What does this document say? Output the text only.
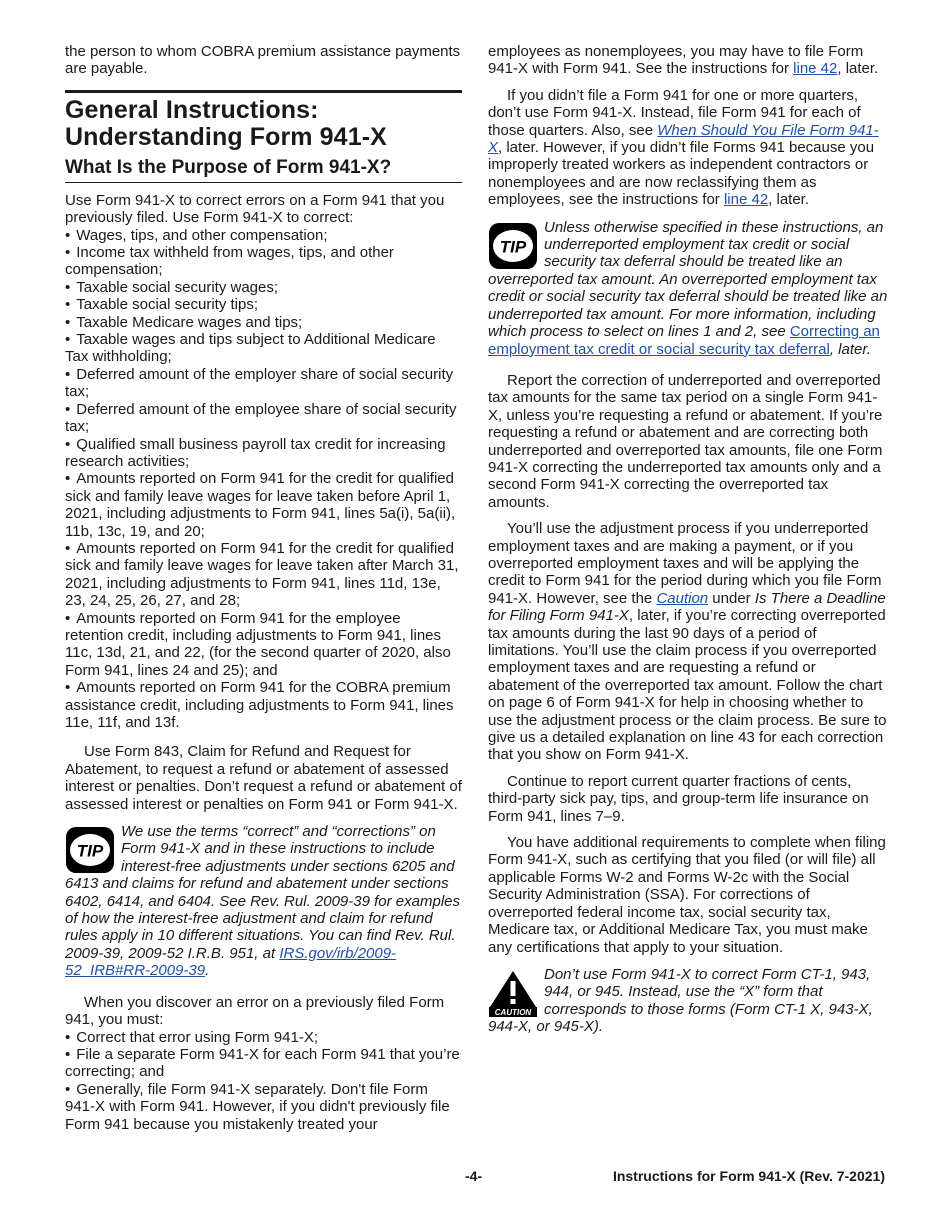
the person to whom COBRA premium assistance payments are payable.

General Instructions: Understanding Form 941-X
What Is the Purpose of Form 941-X?

Use Form 941-X to correct errors on a Form 941 that you previously filed. Use Form 941-X to correct:

• Wages, tips, and other compensation;
• Income tax withheld from wages, tips, and other compensation;
• Taxable social security wages;
• Taxable social security tips;
• Taxable Medicare wages and tips;
• Taxable wages and tips subject to Additional Medicare Tax withholding;
• Deferred amount of the employer share of social security tax;
• Deferred amount of the employee share of social security tax;
• Qualified small business payroll tax credit for increasing research activities;
• Amounts reported on Form 941 for the credit for qualified sick and family leave wages for leave taken before April 1, 2021, including adjustments to Form 941, lines 5a(i), 5a(ii), 11b, 13c, 19, and 20;
• Amounts reported on Form 941 for the credit for qualified sick and family leave wages for leave taken after March 31, 2021, including adjustments to Form 941, lines 11d, 13e, 23, 24, 25, 26, 27, and 28;
• Amounts reported on Form 941 for the employee retention credit, including adjustments to Form 941, lines 11c, 13d, 21, and 22, (for the second quarter of 2020, also Form 941, lines 24 and 25); and
• Amounts reported on Form 941 for the COBRA premium assistance credit, including adjustments to Form 941, lines 11e, 11f, and 13f.

Use Form 843, Claim for Refund and Request for Abatement, to request a refund or abatement of assessed interest or penalties. Don’t request a refund or abatement of assessed interest or penalties on Form 941 or Form 941-X.

TIP

We use the terms “correct” and “corrections” on Form 941-X and in these instructions to include interest-free adjustments under sections 6205 and 6413 and claims for refund and abatement under sections 6402, 6414, and 6404. See Rev. Rul. 2009-39 for examples of how the interest-free adjustment and claim for refund rules apply in 10 different situations. You can find Rev. Rul. 2009-39, 2009-52 I.R.B. 951, at IRS.gov/irb/2009-52_IRB#RR-2009-39.

When you discover an error on a previously filed Form 941, you must:

• Correct that error using Form 941-X;
• File a separate Form 941-X for each Form 941 that you’re correcting; and
• Generally, file Form 941-X separately. Don't file Form 941-X with Form 941. However, if you didn't previously file Form 941 because you mistakenly treated your

employees as nonemployees, you may have to file Form 941-X with Form 941. See the instructions for line 42, later.

If you didn’t file a Form 941 for one or more quarters, don’t use Form 941-X. Instead, file Form 941 for each of those quarters. Also, see When Should You File Form 941-X, later. However, if you didn’t file Forms 941 because you improperly treated workers as independent contractors or nonemployees and are now reclassifying them as employees, see the instructions for line 42, later.

TIP

Unless otherwise specified in these instructions, an underreported employment tax credit or social security tax deferral should be treated like an overreported tax amount. An overreported employment tax credit or social security tax deferral should be treated like an underreported tax amount. For more information, including which process to select on lines 1 and 2, see Correcting an employment tax credit or social security tax deferral, later.

Report the correction of underreported and overreported tax amounts for the same tax period on a single Form 941-X, unless you’re requesting a refund or abatement. If you’re requesting a refund or abatement and are correcting both underreported and overreported tax amounts, file one Form 941-X correcting the underreported tax amounts only and a second Form 941-X correcting the overreported tax amounts.

You’ll use the adjustment process if you underreported employment taxes and are making a payment, or if you overreported employment taxes and will be applying the credit to Form 941 for the period during which you file Form 941-X. However, see the Caution under Is There a Deadline for Filing Form 941-X, later, if you’re correcting overreported tax amounts during the last 90 days of a period of limitations. You’ll use the claim process if you overreported employment taxes and are requesting a refund or abatement of the overreported tax amount. Follow the chart on page 6 of Form 941-X for help in choosing whether to use the adjustment process or the claim process. Be sure to give us a detailed explanation on line 43 for each correction that you show on Form 941-X.

Continue to report current quarter fractions of cents, third-party sick pay, tips, and group-term life insurance on Form 941, lines 7–9.

You have additional requirements to complete when filing Form 941-X, such as certifying that you filed (or will file) all applicable Forms W-2 and Forms W-2c with the Social Security Administration (SSA). For corrections of overreported federal income tax, social security tax, Medicare tax, or Additional Medicare Tax, you must make any certifications that apply to your situation.

CAUTION

Don’t use Form 941-X to correct Form CT-1, 943, 944, or 945. Instead, use the “X” form that corresponds to those forms (Form CT-1 X, 943-X, 944-X, or 945-X).

-4-	Instructions for Form 941-X (Rev. 7-2021)
